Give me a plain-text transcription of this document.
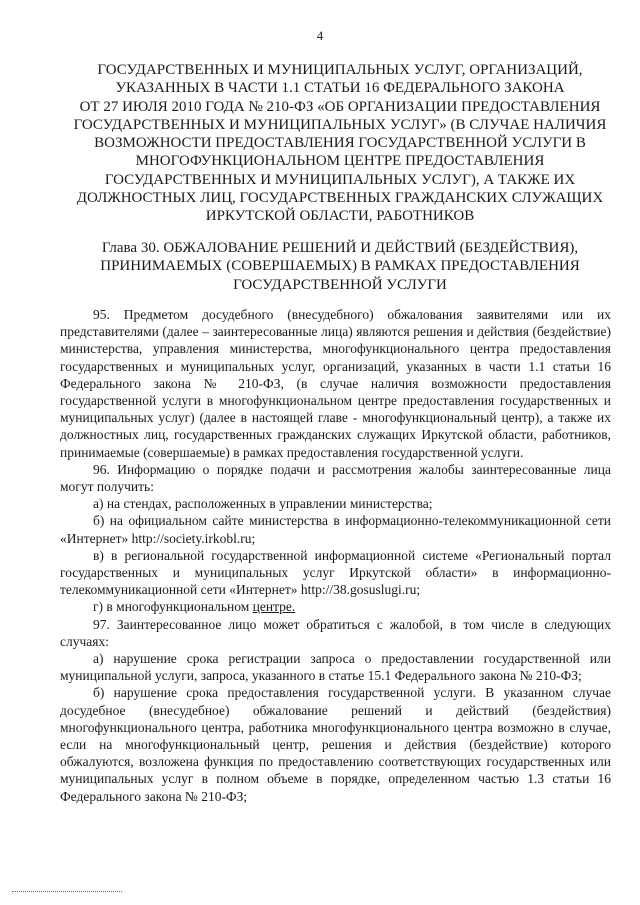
4
ГОСУДАРСТВЕННЫХ И МУНИЦИПАЛЬНЫХ УСЛУГ, ОРГАНИЗАЦИЙ,
УКАЗАННЫХ В ЧАСТИ 1.1 СТАТЬИ 16 ФЕДЕРАЛЬНОГО ЗАКОНА
ОТ 27 ИЮЛЯ 2010 ГОДА № 210-ФЗ «ОБ ОРГАНИЗАЦИИ ПРЕДОСТАВЛЕНИЯ
ГОСУДАРСТВЕННЫХ И МУНИЦИПАЛЬНЫХ УСЛУГ» (В СЛУЧАЕ НАЛИЧИЯ
ВОЗМОЖНОСТИ ПРЕДОСТАВЛЕНИЯ ГОСУДАРСТВЕННОЙ УСЛУГИ В
МНОГОФУНКЦИОНАЛЬНОМ ЦЕНТРЕ ПРЕДОСТАВЛЕНИЯ
ГОСУДАРСТВЕННЫХ И МУНИЦИПАЛЬНЫХ УСЛУГ), А ТАКЖЕ ИХ
ДОЛЖНОСТНЫХ ЛИЦ, ГОСУДАРСТВЕННЫХ ГРАЖДАНСКИХ СЛУЖАЩИХ
ИРКУТСКОЙ ОБЛАСТИ, РАБОТНИКОВ
Глава 30. ОБЖАЛОВАНИЕ РЕШЕНИЙ И ДЕЙСТВИЙ (БЕЗДЕЙСТВИЯ),
ПРИНИМАЕМЫХ (СОВЕРШАЕМЫХ) В РАМКАХ ПРЕДОСТАВЛЕНИЯ
ГОСУДАРСТВЕННОЙ УСЛУГИ

95. Предметом досудебного (внесудебного) обжалования заявителями или их представителями (далее – заинтересованные лица) являются решения и действия (бездействие) министерства, управления министерства, многофункционального центра предоставления государственных и муниципальных услуг, организаций, указанных в части 1.1 статьи 16 Федерального закона № 210-ФЗ, (в случае наличия возможности предоставления государственной услуги в многофункциональном центре предоставления государственных и муниципальных услуг) (далее в настоящей главе - многофункциональный центр), а также их должностных лиц, государственных гражданских служащих Иркутской области, работников, принимаемые (совершаемые) в рамках предоставления государственной услуги.

96. Информацию о порядке подачи и рассмотрения жалобы заинтересованные лица могут получить:

а) на стендах, расположенных в управлении министерства;

б) на официальном сайте министерства в информационно-телекоммуникационной сети «Интернет» http://society.irkobl.ru;

в) в региональной государственной информационной системе «Региональный портал государственных и муниципальных услуг Иркутской области» в информационно-телекоммуникационной сети «Интернет» http://38.gosuslugi.ru;

г) в многофункциональном центре.

97. Заинтересованное лицо может обратиться с жалобой, в том числе в следующих случаях:

а) нарушение срока регистрации запроса о предоставлении государственной или муниципальной услуги, запроса, указанного в статье 15.1 Федерального закона № 210-ФЗ;

б) нарушение срока предоставления государственной услуги. В указанном случае досудебное (внесудебное) обжалование решений и действий (бездействия) многофункционального центра, работника многофункционального центра возможно в случае, если на многофункциональный центр, решения и действия (бездействие) которого обжалуются, возложена функция по предоставлению соответствующих государственных или муниципальных услуг в полном объеме в порядке, определенном частью 1.3 статьи 16 Федерального закона № 210-ФЗ;
